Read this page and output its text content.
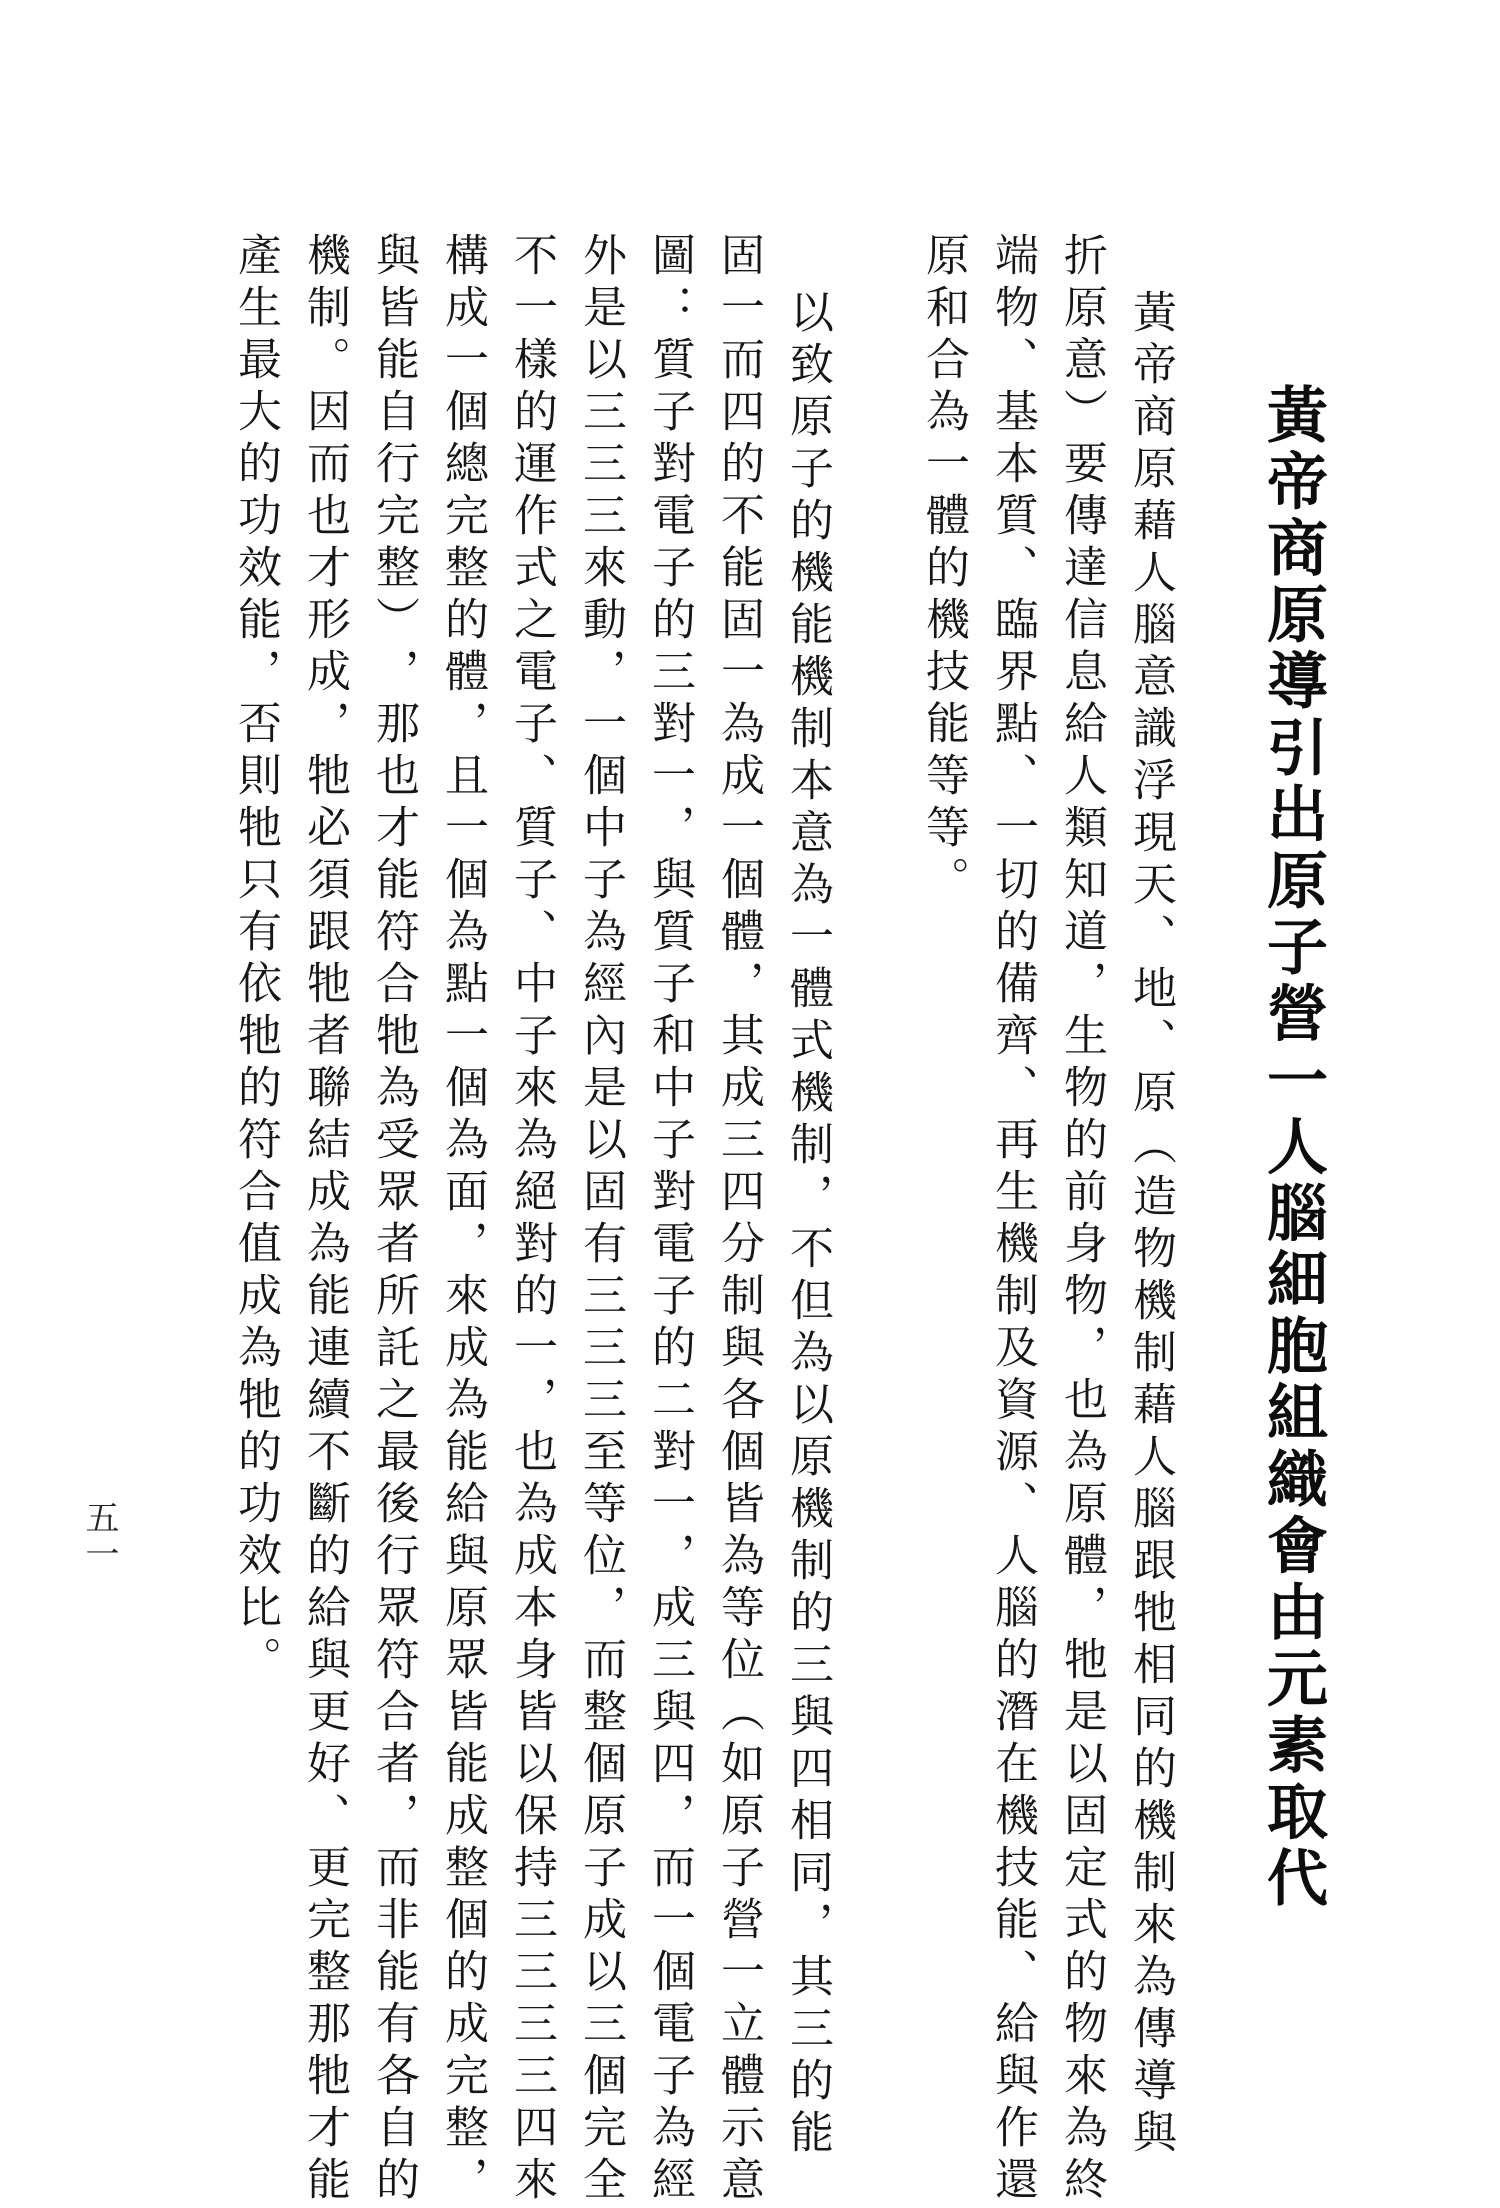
黃帝商原導引出原子營一人腦細胞組織會由元素取代
黃帝商原藉人腦意識浮現天、地、原︵造物機制藉人腦跟牠相同的機制來為傳導與
折原意︶要傳達信息給人類知道，生物的前身物，也為原體，牠是以固定式的物來為終
端物、基本質、臨界點、一切的備齊、再生機制及資源、人腦的潛在機技能、給與作還
原和合為一體的機技能等等。
以致原子的機能機制本意為一體式機制，不但為以原機制的三與四相同，其三的能
固一而四的不能固一為成一個體，其成三四分制與各個皆為等位︵如原子營一立體示意
圖：質子對電子的三對一，與質子和中子對電子的二對一，成三與四，而一個電子為經
外是以三三三來動，一個中子為經內是以固有三三三至等位，而整個原子成以三個完全
不一樣的運作式之電子、質子、中子來為絕對的一，也為成本身皆以保持三三三三四來
構成一個總完整的體，且一個為點一個為面，來成為能給與原眾皆能成整個的成完整，
與皆能自行完整︶，那也才能符合牠為受眾者所託之最後行眾符合者，而非能有各自的
機制。因而也才形成，牠必須跟牠者聯結成為能連續不斷的給與更好、更完整那牠才能
產生最大的功效能，否則牠只有依牠的符合值成為牠的功效比。
五一
